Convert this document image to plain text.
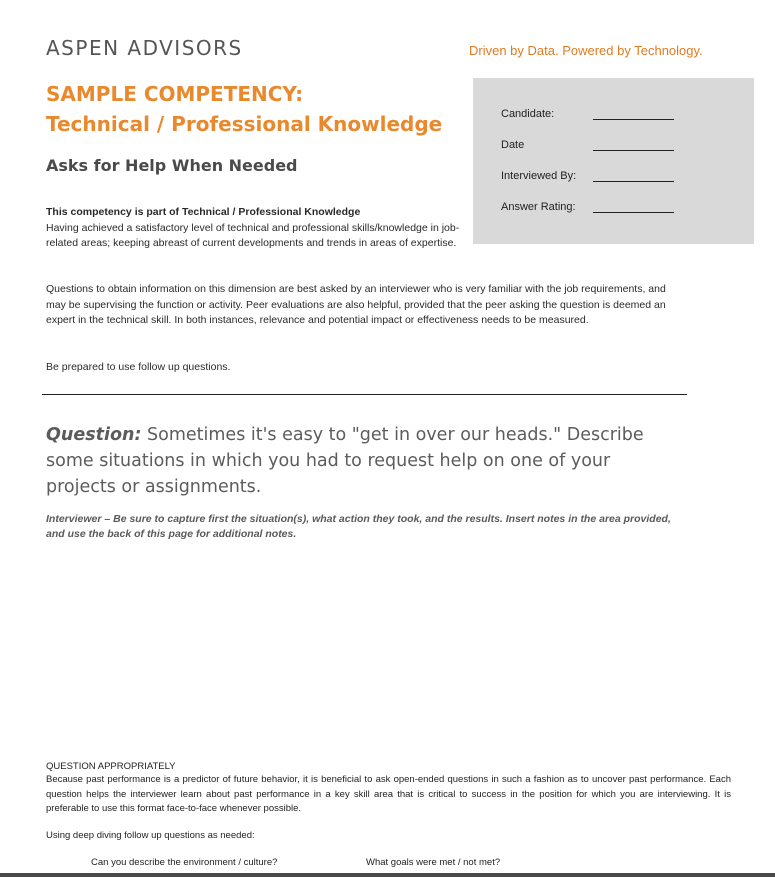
ASPEN ADVISORS	Driven by Data. Powered by Technology.
SAMPLE COMPETENCY:
Technical / Professional Knowledge
Asks for Help When Needed
Candidate:
Date
Interviewed By:
Answer Rating:
This competency is part of Technical / Professional Knowledge
Having achieved a satisfactory level of technical and professional skills/knowledge in job-related areas; keeping abreast of current developments and trends in areas of expertise.
Questions to obtain information on this dimension are best asked by an interviewer who is very familiar with the job requirements, and may be supervising the function or activity. Peer evaluations are also helpful, provided that the peer asking the question is deemed an expert in the technical skill. In both instances, relevance and potential impact or effectiveness needs to be measured.
Be prepared to use follow up questions.
Question: Sometimes it's easy to "get in over our heads." Describe some situations in which you had to request help on one of your projects or assignments.
Interviewer – Be sure to capture first the situation(s), what action they took, and the results. Insert notes in the area provided, and use the back of this page for additional notes.
QUESTION APPROPRIATELY
Because past performance is a predictor of future behavior, it is beneficial to ask open-ended questions in such a fashion as to uncover past performance. Each question helps the interviewer learn about past performance in a key skill area that is critical to success in the position for which you are interviewing. It is preferable to use this format face-to-face whenever possible.
Using deep diving follow up questions as needed:
Can you describe the environment / culture?	What goals were met / not met?
